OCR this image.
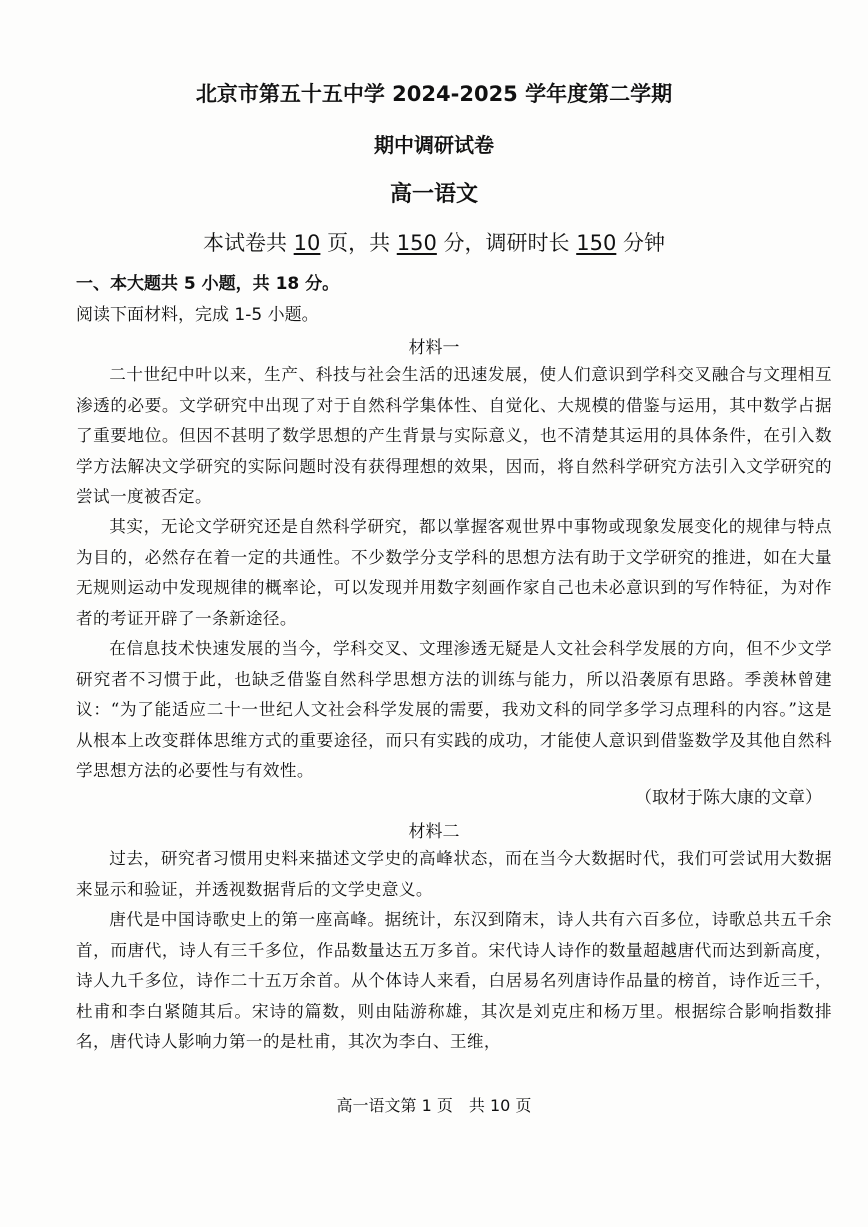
北京市第五十五中学 2024-2025 学年度第二学期
期中调研试卷
高一语文
本试卷共 10 页，共 150 分，调研时长 150 分钟
一、本大题共 5 小题，共 18 分。
阅读下面材料，完成 1-5 小题。
材料一
二十世纪中叶以来，生产、科技与社会生活的迅速发展，使人们意识到学科交叉融合与文理相互渗透的必要。文学研究中出现了对于自然科学集体性、自觉化、大规模的借鉴与运用，其中数学占据了重要地位。但因不甚明了数学思想的产生背景与实际意义，也不清楚其运用的具体条件，在引入数学方法解决文学研究的实际问题时没有获得理想的效果，因而，将自然科学研究方法引入文学研究的尝试一度被否定。
其实，无论文学研究还是自然科学研究，都以掌握客观世界中事物或现象发展变化的规律与特点为目的，必然存在着一定的共通性。不少数学分支学科的思想方法有助于文学研究的推进，如在大量无规则运动中发现规律的概率论，可以发现并用数字刻画作家自己也未必意识到的写作特征，为对作者的考证开辟了一条新途径。
在信息技术快速发展的当今，学科交叉、文理渗透无疑是人文社会科学发展的方向，但不少文学研究者不习惯于此，也缺乏借鉴自然科学思想方法的训练与能力，所以沿袭原有思路。季羡林曾建议：“为了能适应二十一世纪人文社会科学发展的需要，我劝文科的同学多学习点理科的内容。”这是从根本上改变群体思维方式的重要途径，而只有实践的成功，才能使人意识到借鉴数学及其他自然科学思想方法的必要性与有效性。
（取材于陈大康的文章）
材料二
过去，研究者习惯用史料来描述文学史的高峰状态，而在当今大数据时代，我们可尝试用大数据来显示和验证，并透视数据背后的文学史意义。
唐代是中国诗歌史上的第一座高峰。据统计，东汉到隋末，诗人共有六百多位，诗歌总共五千余首，而唐代，诗人有三千多位，作品数量达五万多首。宋代诗人诗作的数量超越唐代而达到新高度，诗人九千多位，诗作二十五万余首。从个体诗人来看，白居易名列唐诗作品量的榜首，诗作近三千，杜甫和李白紧随其后。宋诗的篇数，则由陆游称雄，其次是刘克庄和杨万里。根据综合影响指数排名，唐代诗人影响力第一的是杜甫，其次为李白、王维，
高一语文第 1 页　共 10 页
